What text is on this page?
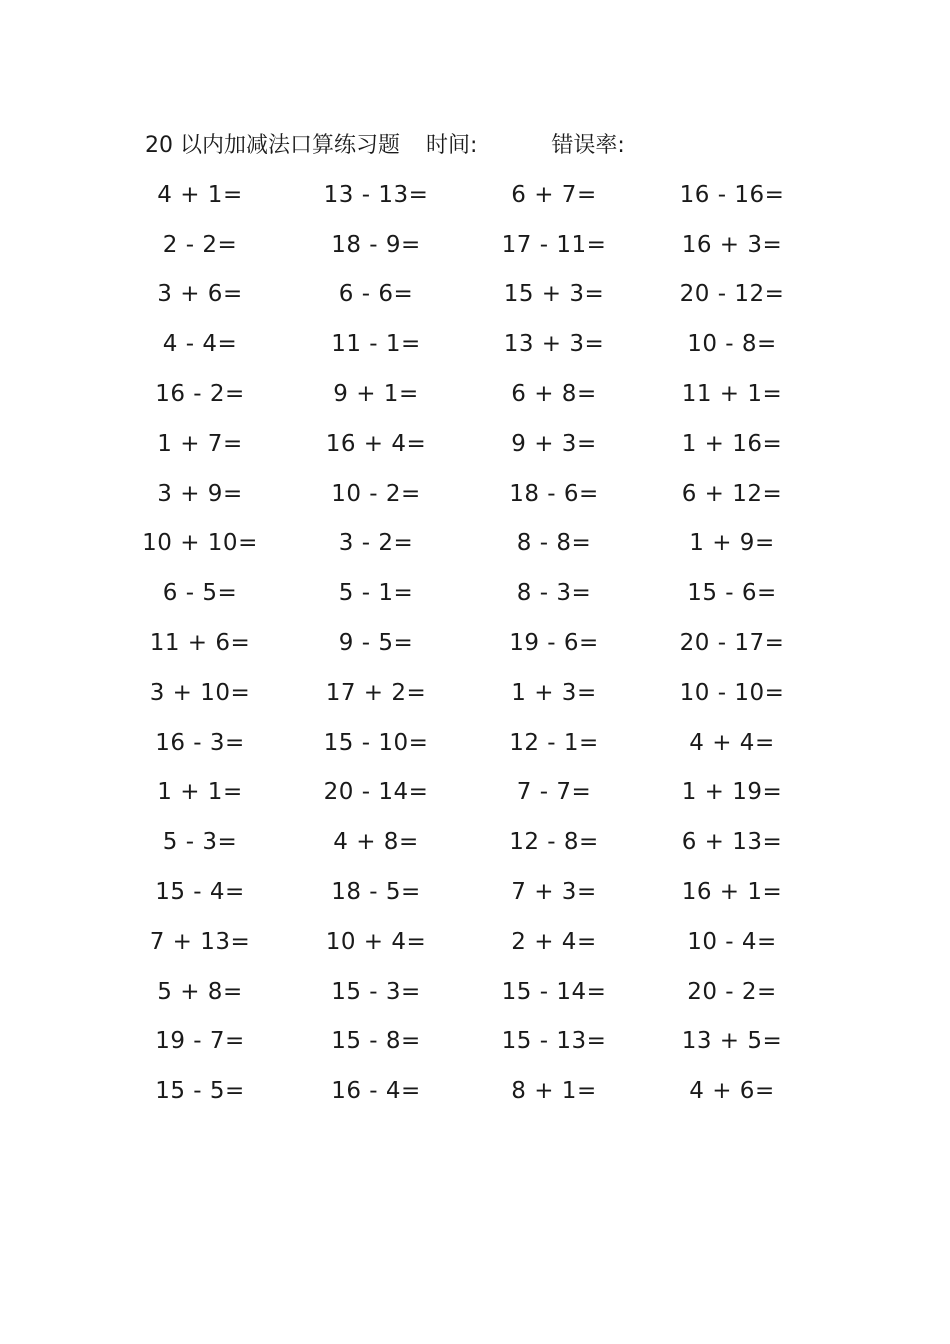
20 以内加减法口算练习题 时间:	错误率:
4 + 1=	13 - 13=	6 + 7=	16 - 16=
2 - 2=	18 - 9=	17 - 11=	16 + 3=
3 + 6=	6 - 6=	15 + 3=	20 - 12=
4 - 4=	11 - 1=	13 + 3=	10 - 8=
16 - 2=	9 + 1=	6 + 8=	11 + 1=
1 + 7=	16 + 4=	9 + 3=	1 + 16=
3 + 9=	10 - 2=	18 - 6=	6 + 12=
10 + 10=	3 - 2=	8 - 8=	1 + 9=
6 - 5=	5 - 1=	8 - 3=	15 - 6=
11 + 6=	9 - 5=	19 - 6=	20 - 17=
3 + 10=	17 + 2=	1 + 3=	10 - 10=
16 - 3=	15 - 10=	12 - 1=	4 + 4=
1 + 1=	20 - 14=	7 - 7=	1 + 19=
5 - 3=	4 + 8=	12 - 8=	6 + 13=
15 - 4=	18 - 5=	7 + 3=	16 + 1=
7 + 13=	10 + 4=	2 + 4=	10 - 4=
5 + 8=	15 - 3=	15 - 14=	20 - 2=
19 - 7=	15 - 8=	15 - 13=	13 + 5=
15 - 5=	16 - 4=	8 + 1=	4 + 6=
